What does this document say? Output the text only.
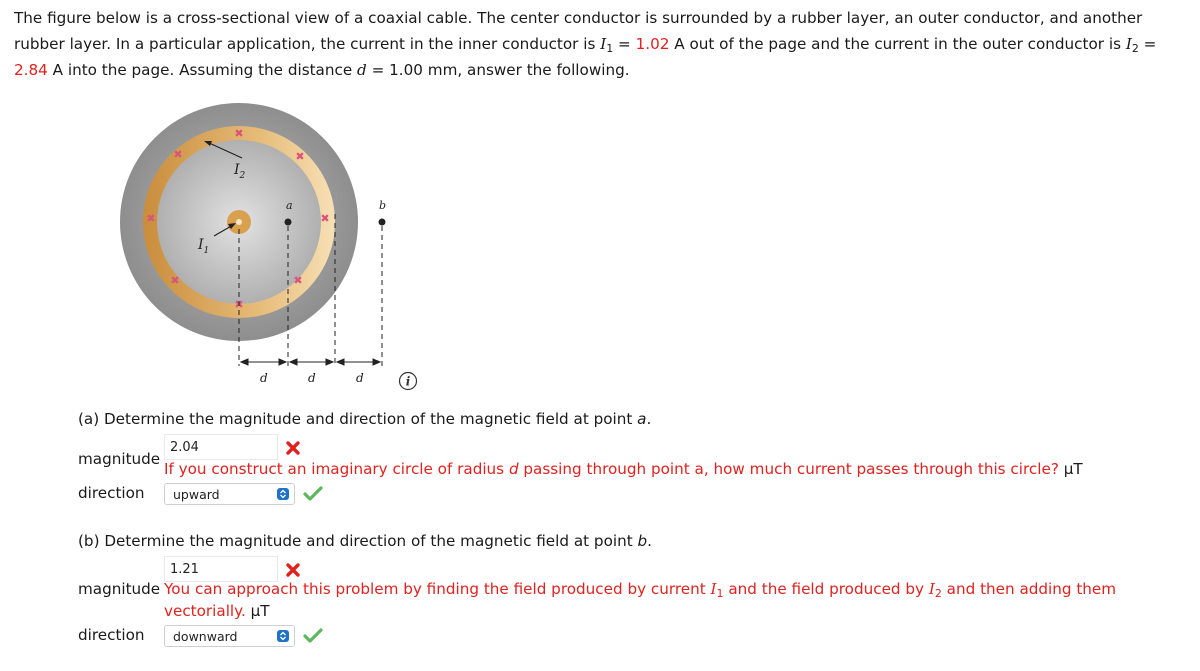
The figure below is a cross-sectional view of a coaxial cable. The center conductor is surrounded by a rubber layer, an outer conductor, and another
rubber layer. In a particular application, the current in the inner conductor is $I_1 = 1.02$ A out of the page and the current in the outer conductor is $I_2$ =
2.84 A into the page. Assuming the distance d = 1.00 mm, answer the following.
✖
✖	✖
✖	✖
✖	✖
✖
$I_2$
$I_1$
a	b
d	d	d	i
(a) Determine the magnitude and direction of the magnetic field at point a.
2.04
magnitude
If you construct an imaginary circle of radius d passing through point a, how much current passes through this circle? µT
direction	upward
(b) Determine the magnitude and direction of the magnetic field at point b.
1.21
magnitude You can approach this problem by finding the field produced by current $I_1$ and the field produced by $I_2$ and then adding them
vectorially. µT
direction	downward
